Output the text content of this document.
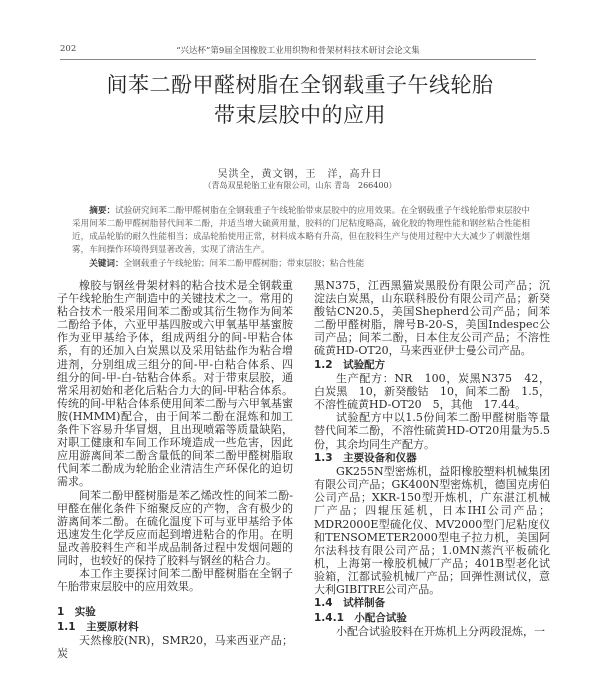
202	“兴达杯”第9届全国橡胶工业用织物和骨架材料技术研讨会论文集
间苯二酚甲醛树脂在全钢载重子午线轮胎
带束层胶中的应用
吴洪全，黄文钢，王　洋，高升日
（青岛双星轮胎工业有限公司，山东 青岛　266400）
摘要：试验研究间苯二酚甲醛树脂在全钢载重子午线轮胎带束层胶中的应用效果。在全钢载重子午线轮胎带束层胶中采用间苯二酚甲醛树脂替代间苯二酚，并适当增大硫黄用量，胶料的门尼粘度略高，硫化胶的物理性能和钢丝粘合性能相近，成品轮胎的耐久性能相当；成品轮胎使用正常，材料成本略有升高，但在胶料生产与使用过程中大大减少了刺激性烟雾，车间操作环境得到显著改善，实现了清洁生产。
关键词：全钢载重子午线轮胎；间苯二酚甲醛树脂；带束层胶；粘合性能

橡胶与钢丝骨架材料的粘合技术是全钢载重子午线轮胎生产制造中的关键技术之一。常用的粘合技术一般采用间苯二酚或其衍生物作为间苯二酚给予体，六亚甲基四胺或六甲氧基甲基蜜胺作为亚甲基给予体，组成两组分的间-甲粘合体系，有的还加入白炭黑以及采用钴盐作为粘合增进剂，分别组成三组分的间-甲-白粘合体系、四组分的间-甲-白-钴粘合体系。对于带束层胶，通常采用初始和老化后粘合力大的间-甲粘合体系。传统的间-甲粘合体系使用间苯二酚与六甲氧基蜜胺(HMMM)配合，由于间苯二酚在混炼和加工条件下容易升华冒烟，且出现喷霜等质量缺陷，对职工健康和车间工作环境造成一些危害，因此应用游离间苯二酚含量低的间苯二酚甲醛树脂取代间苯二酚成为轮胎企业清洁生产环保化的迫切需求。

间苯二酚甲醛树脂是苯乙烯改性的间苯二酚-甲醛在催化条件下缩聚反应的产物，含有极少的游离间苯二酚。在硫化温度下可与亚甲基给予体迅速发生化学反应而起到增进粘合的作用。在明显改善胶料生产和半成品制备过程中发烟问题的同时，也较好的保持了胶料与钢丝的粘合力。

本工作主要探讨间苯二酚甲醛树脂在全钢子午胎带束层胶中的应用效果。

1　实验
1.1　主要原材料

天然橡胶(NR)，SMR20，马来西亚产品；炭

黑N375，江西黑猫炭黑股份有限公司产品；沉淀法白炭黑，山东联科股份有限公司产品；新癸酸钴CN20.5，美国Shepherd公司产品；间苯二酚甲醛树脂，牌号B-20-S，美国Indespec公司产品；间苯二酚，日本住友公司产品；不溶性硫黄HD-OT20，马来西亚伊士曼公司产品。

1.2　试验配方

生产配方：NR　100，炭黑N375　42，白炭黑　10，新癸酸钴　10，间苯二酚　1.5，不溶性硫黄HD-OT20　5，其他　17.44。

试验配方中以1.5份间苯二酚甲醛树脂等量替代间苯二酚，不溶性硫黄HD-OT20用量为5.5份，其余均同生产配方。

1.3　主要设备和仪器

GK255N型密炼机，益阳橡胶塑料机械集团有限公司产品；GK400N型密炼机，德国克虏伯公司产品；XKR-150型开炼机，广东湛江机械厂产品；四辊压延机，日本IHI公司产品；MDR2000E型硫化仪、MV2000型门尼粘度仪和TENSOMETER2000型电子拉力机，美国阿尔法科技有限公司产品；1.0MN蒸汽平板硫化机，上海第一橡胶机械厂产品；401B型老化试验箱，江都试验机械厂产品；回弹性测试仪，意大利GIBITRE公司产品。

1.4　试样制备
1.4.1　小配合试验

小配合试验胶料在开炼机上分两段混炼，一
